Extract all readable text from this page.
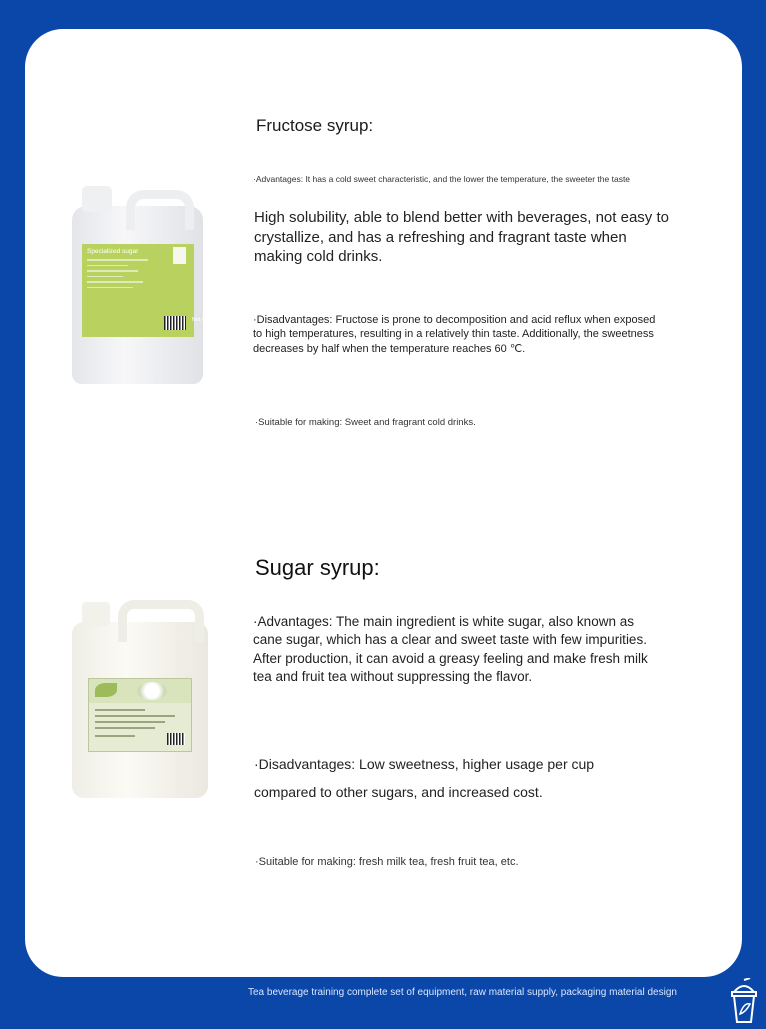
Specialized sugar
Net content
Fructose syrup:
·Advantages: It has a cold sweet characteristic, and the lower the temperature, the sweeter the taste
High solubility, able to blend better with beverages, not easy to crystallize, and has a refreshing and fragrant taste when making cold drinks.
·Disadvantages: Fructose is prone to decomposition and acid reflux when exposed to high temperatures, resulting in a relatively thin taste. Additionally, the sweetness decreases by half when the temperature reaches 60 ℃.
·Suitable for making: Sweet and fragrant cold drinks.
Sugar syrup:
·Advantages: The main ingredient is white sugar, also known as cane sugar, which has a clear and sweet taste with few impurities. After production, it can avoid a greasy feeling and make fresh milk tea and fruit tea without suppressing the flavor.
·Disadvantages: Low sweetness, higher usage per cup compared to other sugars, and increased cost.
·Suitable for making: fresh milk tea, fresh fruit tea, etc.
Tea beverage training complete set of equipment, raw material supply, packaging material design
